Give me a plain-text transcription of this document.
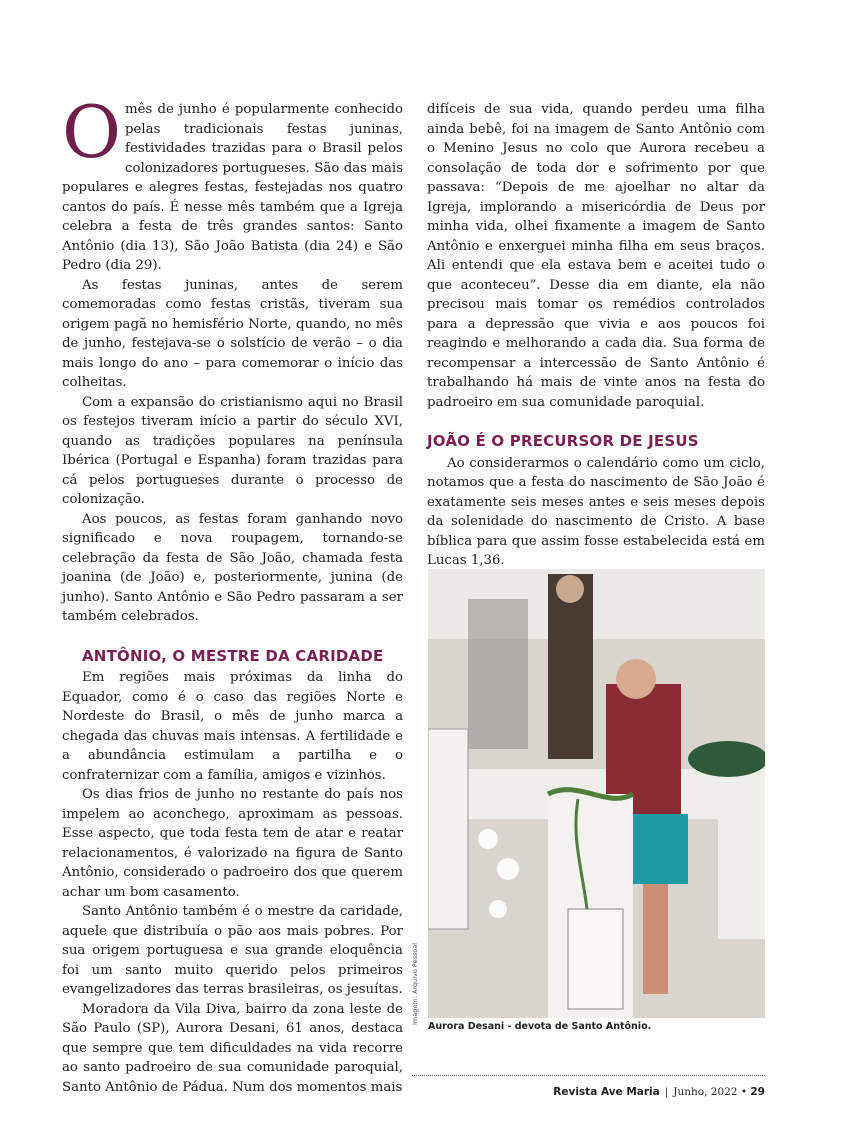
Omês de junho é popularmente conhecido pelas tradicionais festas juninas, festividades trazidas para o Brasil pelos colonizadores portugueses. São das mais populares e alegres festas, festejadas nos quatro cantos do país. É nesse mês também que a Igreja celebra a festa de três grandes santos: Santo Antônio (dia 13), São João Batista (dia 24) e São Pedro (dia 29).

As festas juninas, antes de serem comemoradas como festas cristãs, tiveram sua origem pagã no hemisfério Norte, quando, no mês de junho, festejava-se o solstício de verão – o dia mais longo do ano – para comemorar o início das colheitas.

Com a expansão do cristianismo aqui no Brasil os festejos tiveram início a partir do século XVI, quando as tradições populares na península Ibérica (Portugal e Espanha) foram trazidas para cá pelos portugueses durante o processo de colonização.

Aos poucos, as festas foram ganhando novo significado e nova roupagem, tornando-se celebração da festa de São João, chamada festa joanina (de João) e, posteriormente, junina (de junho). Santo Antônio e São Pedro passaram a ser também celebrados.

ANTÔNIO, O MESTRE DA CARIDADE

Em regiões mais próximas da linha do Equador, como é o caso das regiões Norte e Nordeste do Brasil, o mês de junho marca a chegada das chuvas mais intensas. A fertilidade e a abundância estimulam a partilha e o confraternizar com a família, amigos e vizinhos.

Os dias frios de junho no restante do país nos impelem ao aconchego, aproximam as pessoas. Esse aspecto, que toda festa tem de atar e reatar relacionamentos, é valorizado na figura de Santo Antônio, considerado o padroeiro dos que querem achar um bom casamento.

Santo Antônio também é o mestre da caridade, aquele que distribuía o pão aos mais pobres. Por sua origem portuguesa e sua grande eloquência foi um santo muito querido pelos primeiros evangelizadores das terras brasileiras, os jesuítas.

Moradora da Vila Diva, bairro da zona leste de São Paulo (SP), Aurora Desani, 61 anos, destaca que sempre que tem dificuldades na vida recorre ao santo padroeiro de sua comunidade paroquial, Santo Antônio de Pádua. Num dos momentos mais

difíceis de sua vida, quando perdeu uma filha ainda bebê, foi na imagem de Santo Antônio com o Menino Jesus no colo que Aurora recebeu a consolação de toda dor e sofrimento por que passava: “Depois de me ajoelhar no altar da Igreja, implorando a misericórdia de Deus por minha vida, olhei fixamente a imagem de Santo Antônio e enxerguei minha filha em seus braços. Ali entendi que ela estava bem e aceitei tudo o que aconteceu”. Desse dia em diante, ela não precisou mais tomar os remédios controlados para a depressão que vivia e aos poucos foi reagindo e melhorando a cada dia. Sua forma de recompensar a intercessão de Santo Antônio é trabalhando há mais de vinte anos na festa do padroeiro em sua comunidade paroquial.

JOÃO É O PRECURSOR DE JESUS

Ao considerarmos o calendário como um ciclo, notamos que a festa do nascimento de São João é exatamente seis meses antes e seis meses depois da solenidade do nascimento de Cristo. A base bíblica para que assim fosse estabelecida está em Lucas 1,36.

Imagem: Arquivo Pessoal
Aurora Desani - devota de Santo Antônio.
Revista Ave Maria | Junho, 2022 • 29
